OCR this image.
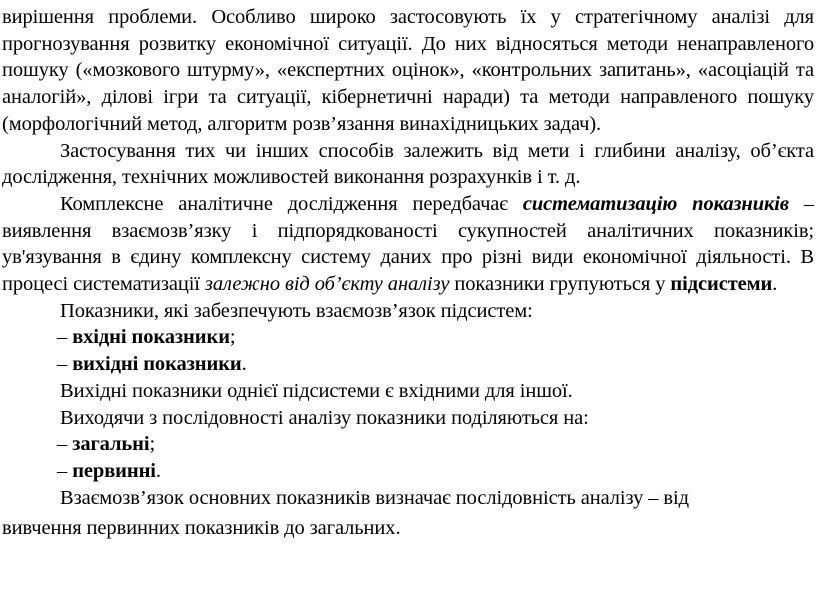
вирішення проблеми. Особливо широко застосовують їх у стратегічному аналізі для прогнозування розвитку економічної ситуації. До них відносяться методи ненаправленого пошуку («мозкового штурму», «експертних оцінок», «контрольних запитань», «асоціацій та аналогій», ділові ігри та ситуації, кібернетичні наради) та методи направленого пошуку (морфологічний метод, алгоритм розв’язання винахідницьких задач).

Застосування тих чи інших способів залежить від мети і глибини аналізу, об’єкта дослідження, технічних можливостей виконання розрахунків і т. д.

Комплексне аналітичне дослідження передбачає систематизацію показників – виявлення взаємозв’язку і підпорядкованості сукупностей аналітичних показників; ув'язування в єдину комплексну систему даних про різні види економічної діяльності. В процесі систематизації залежно від об’єкту аналізу показники групуються у підсистеми.

Показники, які забезпечують взаємозв’язок підсистем:

– вхідні показники;
– вихідні показники.

Вихідні показники однієї підсистеми є вхідними для іншої.

Виходячи з послідовності аналізу показники поділяються на:

– загальні;
– первинні.

Взаємозв’язок основних показників визначає послідовність аналізу – від

вивчення первинних показників до загальних.
